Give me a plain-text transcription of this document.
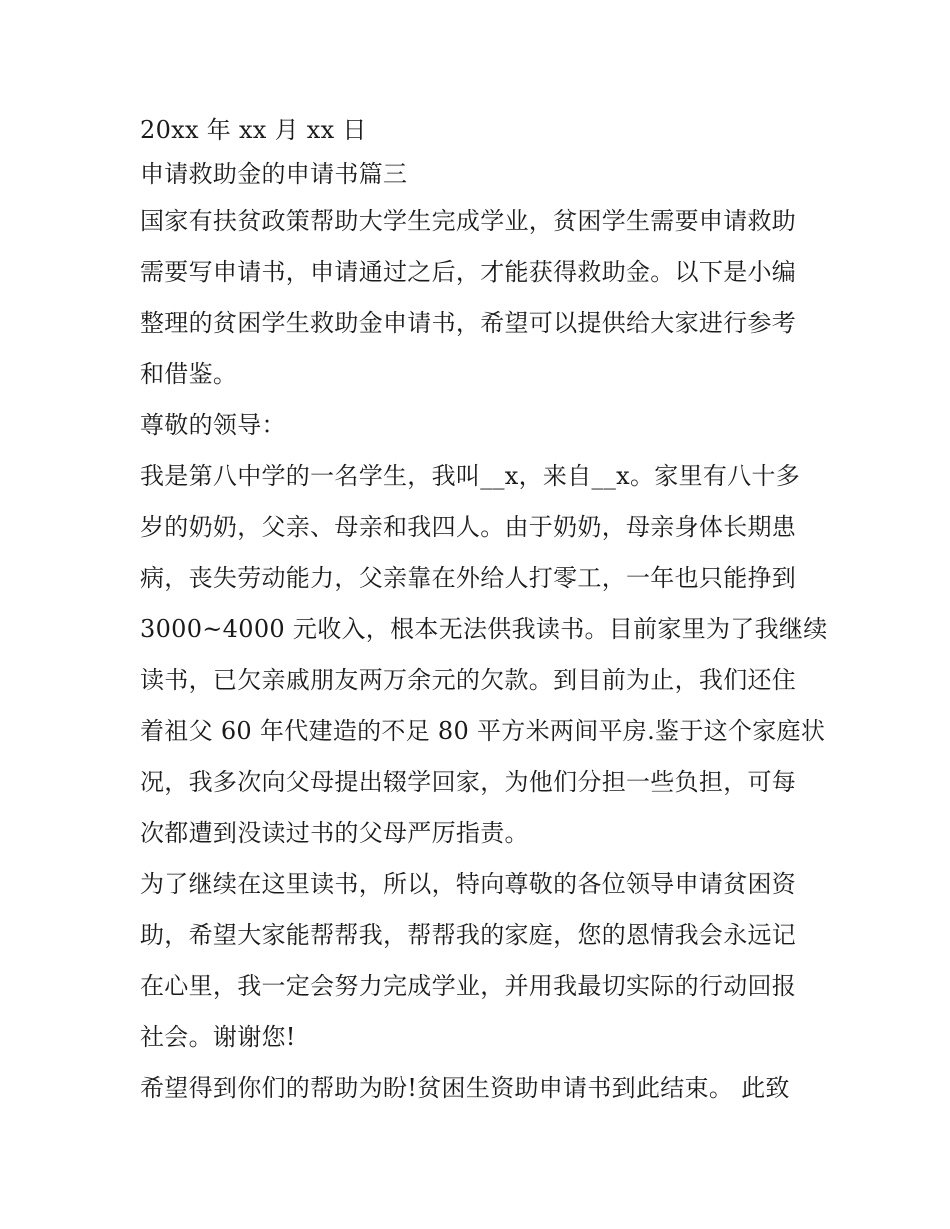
20xx 年 xx 月 xx 日
申请救助金的申请书篇三
国家有扶贫政策帮助大学生完成学业，贫困学生需要申请救助
需要写申请书，申请通过之后，才能获得救助金。以下是小编
整理的贫困学生救助金申请书，希望可以提供给大家进行参考
和借鉴。
尊敬的领导：
我是第八中学的一名学生，我叫__x，来自__x。家里有八十多
岁的奶奶，父亲、母亲和我四人。由于奶奶，母亲身体长期患
病，丧失劳动能力，父亲靠在外给人打零工，一年也只能挣到
3000~4000 元收入，根本无法供我读书。目前家里为了我继续
读书，已欠亲戚朋友两万余元的欠款。到目前为止，我们还住
着祖父 60 年代建造的不足 80 平方米两间平房.鉴于这个家庭状
况，我多次向父母提出辍学回家，为他们分担一些负担，可每
次都遭到没读过书的父母严厉指责。
为了继续在这里读书，所以，特向尊敬的各位领导申请贫困资
助，希望大家能帮帮我，帮帮我的家庭，您的恩情我会永远记
在心里，我一定会努力完成学业，并用我最切实际的行动回报
社会。谢谢您!
希望得到你们的帮助为盼!贫困生资助申请书到此结束。 此致
